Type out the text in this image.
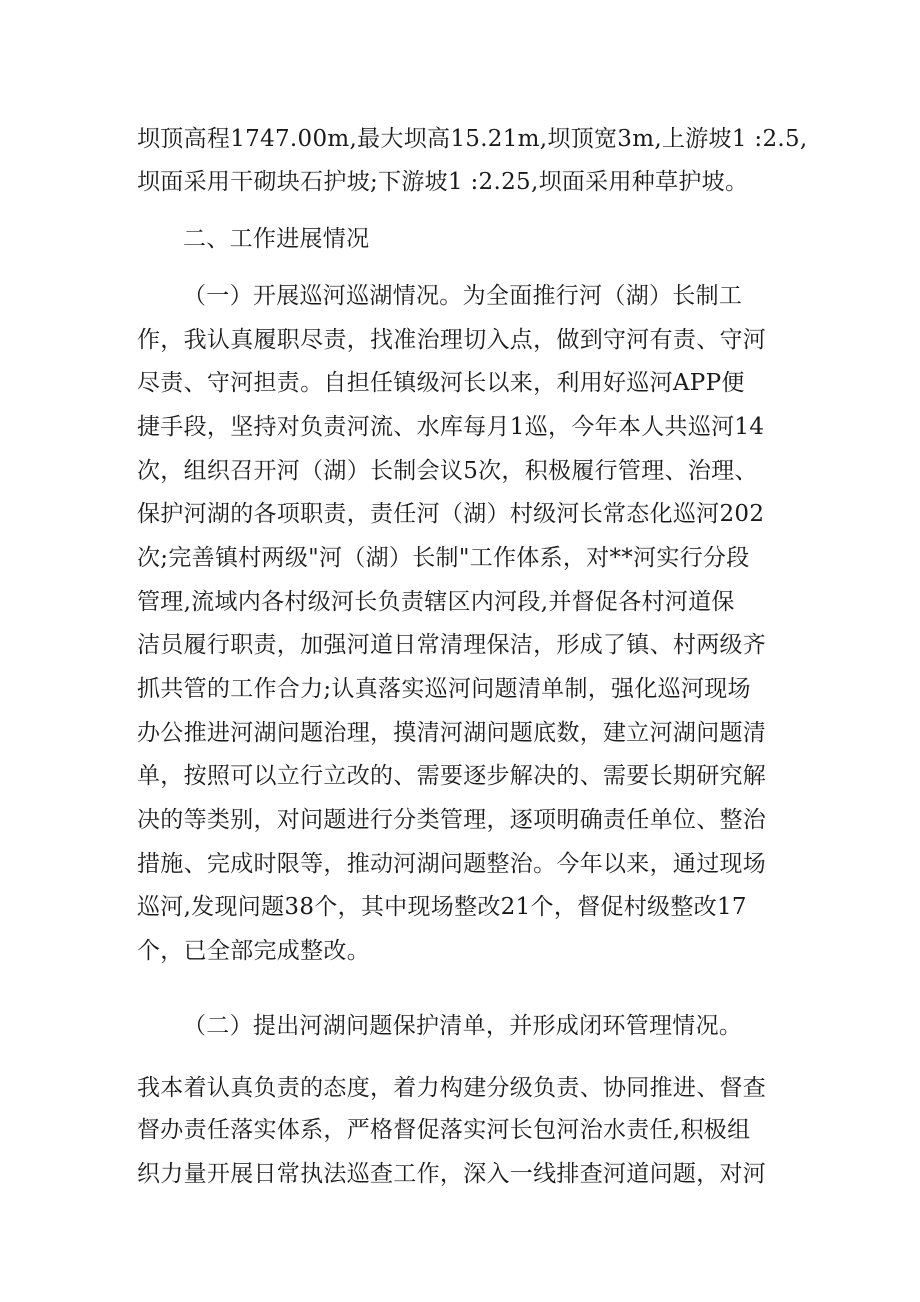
坝顶高程1747.00m,最大坝高15.21m,坝顶宽3m,上游坡1 :2.5,
坝面采用干砌块石护坡;下游坡1 :2.25,坝面采用种草护坡。
二、工作进展情况
（一）开展巡河巡湖情况。为全面推行河（湖）长制工
作，我认真履职尽责，找准治理切入点，做到守河有责、守河
尽责、守河担责。自担任镇级河长以来，利用好巡河APP便
捷手段，坚持对负责河流、水库每月1巡，今年本人共巡河14
次，组织召开河（湖）长制会议5次，积极履行管理、治理、
保护河湖的各项职责，责任河（湖）村级河长常态化巡河202
次;完善镇村两级"河（湖）长制"工作体系，对**河实行分段
管理,流域内各村级河长负责辖区内河段,并督促各村河道保
洁员履行职责，加强河道日常清理保洁，形成了镇、村两级齐
抓共管的工作合力;认真落实巡河问题清单制，强化巡河现场
办公推进河湖问题治理，摸清河湖问题底数，建立河湖问题清
单，按照可以立行立改的、需要逐步解决的、需要长期研究解
决的等类别，对问题进行分类管理，逐项明确责任单位、整治
措施、完成时限等，推动河湖问题整治。今年以来，通过现场
巡河,发现问题38个，其中现场整改21个，督促村级整改17
个，已全部完成整改。
（二）提出河湖问题保护清单，并形成闭环管理情况。
我本着认真负责的态度，着力构建分级负责、协同推进、督查
督办责任落实体系，严格督促落实河长包河治水责任,积极组
织力量开展日常执法巡查工作，深入一线排查河道问题，对河
